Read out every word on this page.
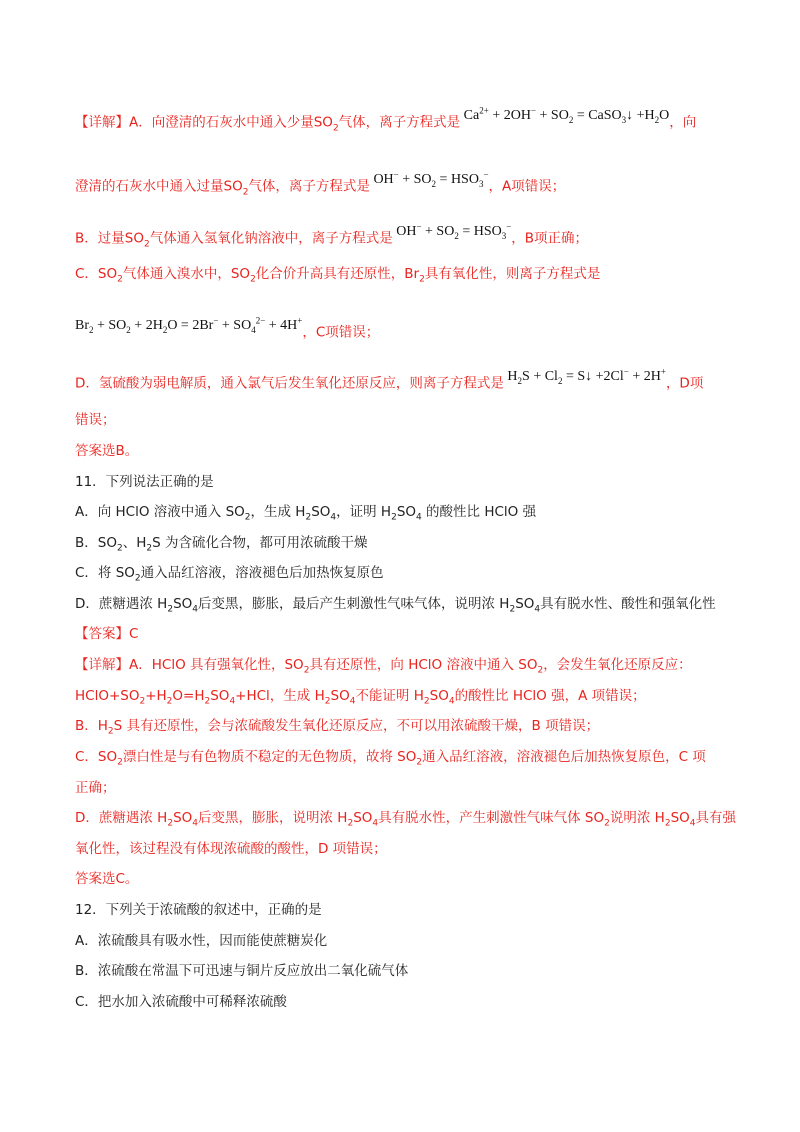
【详解】A．向澄清的石灰水中通入少量$SO_2$气体，离子方程式是 $Ca^{2+} + 2OH^- + SO_2$ = CaSO$_3$↓ $+H_2O$，向
澄清的石灰水中通入过量$SO_2$气体，离子方程式是 $OH^- + SO_2 = HSO_3^-$，A项错误；
B．过量$SO_2$气体通入氢氧化钠溶液中，离子方程式是 $OH^- + SO_2 = HSO_3^-$，B项正确；
C．$SO_2$气体通入溴水中，$SO_2$化合价升高具有还原性，$Br_2$具有氧化性，则离子方程式是
$Br_2 + SO_2 + 2H_2O = 2Br^- + SO_4^{2-} + 4H^+$，C项错误；
D．氢硫酸为弱电解质，通入氯气后发生氧化还原反应，则离子方程式是 $H_2S + Cl_2$ = S↓ +2Cl− + 2H+，D项
错误；
答案选B。
11．下列说法正确的是
A．向 HClO 溶液中通入 $SO_2$，生成 $H_2SO_4$，证明 $H_2SO_4$ 的酸性比 HClO 强
B．$SO_2$、$H_2S$ 为含硫化合物，都可用浓硫酸干燥
C．将 $SO_2$通入品红溶液，溶液褪色后加热恢复原色
D．蔗糖遇浓 $H_2SO_4$后变黑，膨胀，最后产生刺激性气味气体，说明浓 $H_2SO_4$具有脱水性、酸性和强氧化性
【答案】C
【详解】A．HClO 具有强氧化性，$SO_2$具有还原性，向 HClO 溶液中通入 $SO_2$，会发生氧化还原反应：
$HClO+SO_2+H_2O=H_2SO_4+HCl$，生成 $H_2SO_4$不能证明 $H_2SO_4$的酸性比 HClO 强，A 项错误；
B．$H_2S$ 具有还原性，会与浓硫酸发生氧化还原反应，不可以用浓硫酸干燥，B 项错误；
C．$SO_2$漂白性是与有色物质不稳定的无色物质，故将 $SO_2$通入品红溶液，溶液褪色后加热恢复原色，C 项
正确；
D．蔗糖遇浓 $H_2SO_4$后变黑，膨胀，说明浓 $H_2SO_4$具有脱水性，产生刺激性气味气体 $SO_2$说明浓 $H_2SO_4$具有强
氧化性，该过程没有体现浓硫酸的酸性，D 项错误；
答案选C。
12．下列关于浓硫酸的叙述中，正确的是
A．浓硫酸具有吸水性，因而能使蔗糖炭化
B．浓硫酸在常温下可迅速与铜片反应放出二氧化硫气体
C．把水加入浓硫酸中可稀释浓硫酸
